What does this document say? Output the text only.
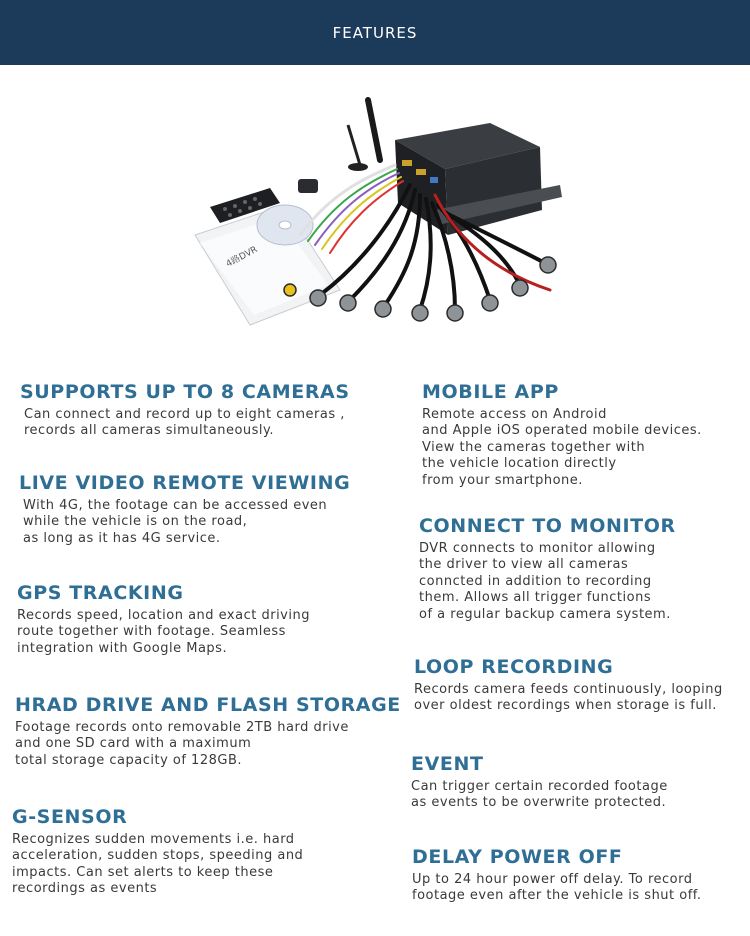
FEATURES
4路DVR
SUPPORTS UP TO 8 CAMERAS

Can connect and record up to eight cameras ,
records all cameras simultaneously.

LIVE VIDEO REMOTE VIEWING

With 4G, the footage can be accessed even
while the vehicle is on the road,
as long as it has 4G service.

GPS TRACKING

Records speed, location and exact driving
route together with footage. Seamless
integration with Google Maps.

HRAD DRIVE AND FLASH STORAGE

Footage records onto removable 2TB hard drive
and one SD card with a maximum
total storage capacity of 128GB.

G-SENSOR

Recognizes sudden movements i.e. hard
acceleration, sudden stops, speeding and
impacts. Can set alerts to keep these
recordings as events

MOBILE APP

Remote access on Android
and Apple iOS operated mobile devices.
View the cameras together with
the vehicle location directly
from your smartphone.

CONNECT TO MONITOR

DVR connects to monitor allowing
the driver to view all cameras
conncted in addition to recording
them. Allows all trigger functions
of a regular backup camera system.

LOOP RECORDING

Records camera feeds continuously, looping
over oldest recordings when storage is full.

EVENT

Can trigger certain recorded footage
as events to be overwrite protected.

DELAY POWER OFF

Up to 24 hour power off delay. To record
footage even after the vehicle is shut off.
